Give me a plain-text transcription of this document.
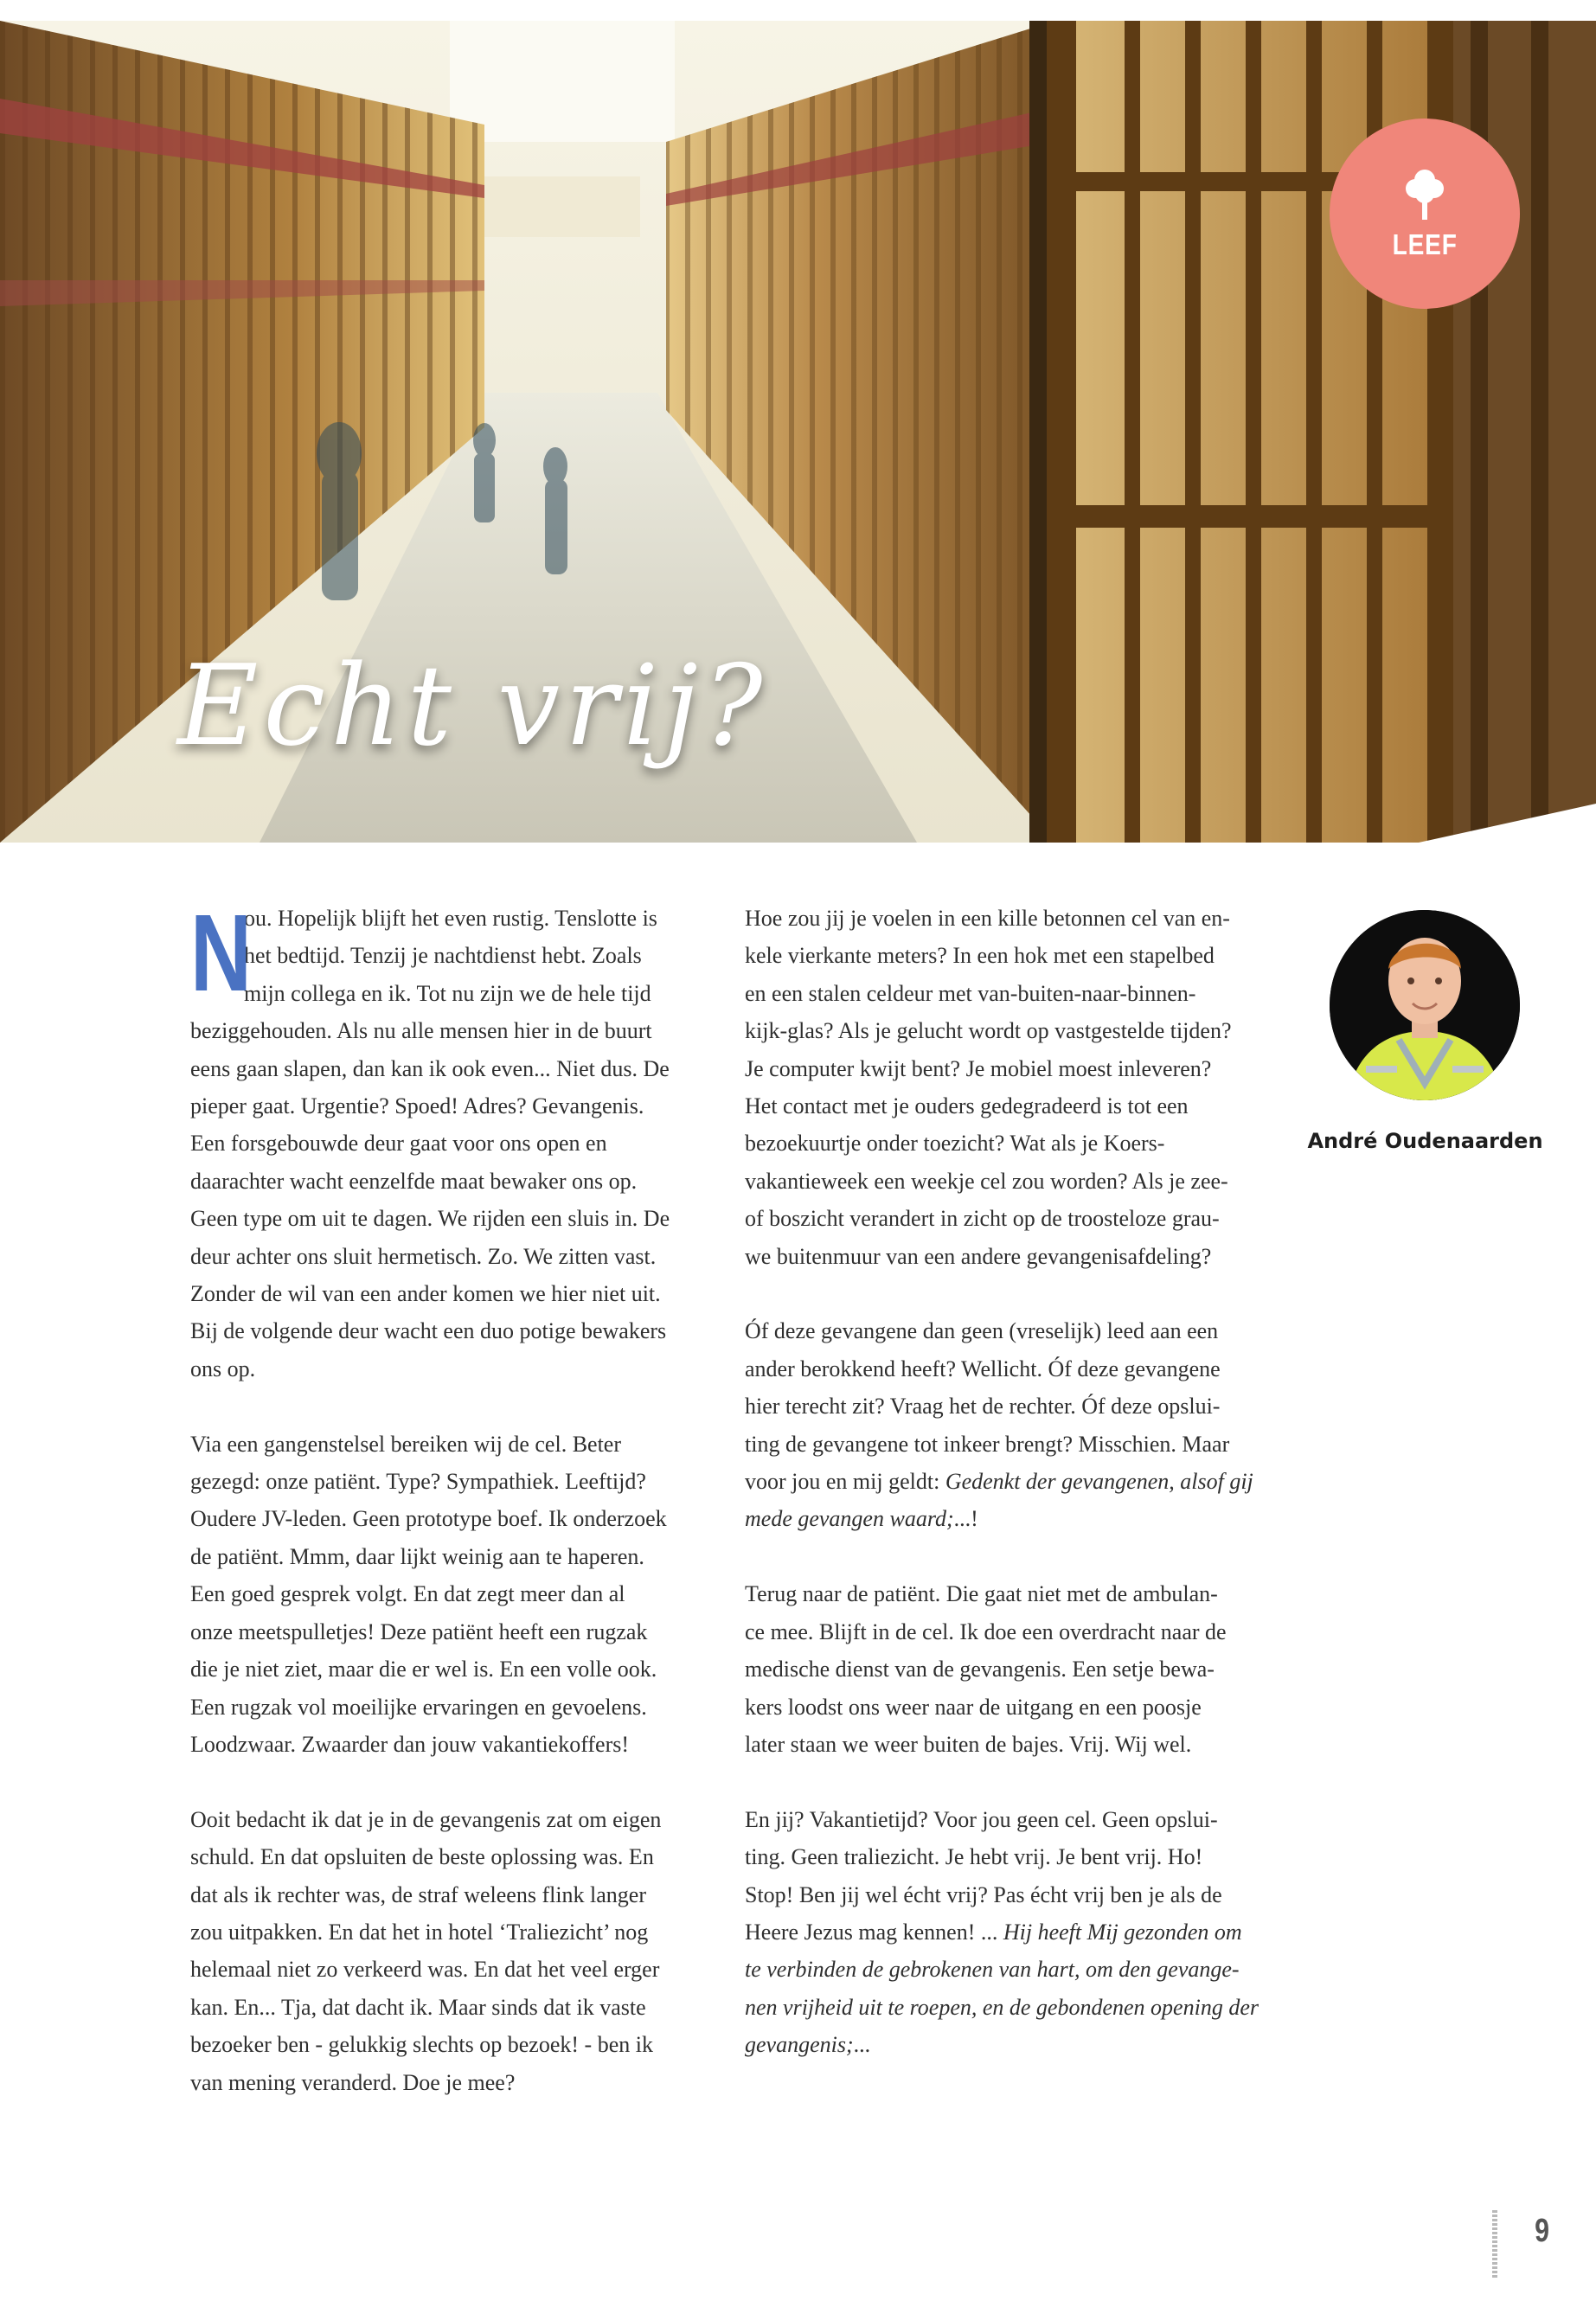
LEEF
Echt vrij?

N
ou. Hopelijk blijft het even rustig. Tenslotte is
het bedtijd. Tenzij je nachtdienst hebt. Zoals
mijn collega en ik. Tot nu zijn we de hele tijd
beziggehouden. Als nu alle mensen hier in de buurt
eens gaan slapen, dan kan ik ook even... Niet dus. De
pieper gaat. Urgentie? Spoed! Adres? Gevangenis.
Een forsgebouwde deur gaat voor ons open en
daarachter wacht eenzelfde maat bewaker ons op.
Geen type om uit te dagen. We rijden een sluis in. De
deur achter ons sluit hermetisch. Zo. We zitten vast.
Zonder de wil van een ander komen we hier niet uit.
Bij de volgende deur wacht een duo potige bewakers
ons op.

Via een gangenstelsel bereiken wij de cel. Beter
gezegd: onze patiënt. Type? Sympathiek. Leeftijd?
Oudere JV-leden. Geen prototype boef. Ik onderzoek
de patiënt. Mmm, daar lijkt weinig aan te haperen.
Een goed gesprek volgt. En dat zegt meer dan al
onze meetspulletjes! Deze patiënt heeft een rugzak
die je niet ziet, maar die er wel is. En een volle ook.
Een rugzak vol moeilijke ervaringen en gevoelens.
Loodzwaar. Zwaarder dan jouw vakantiekoffers!

Ooit bedacht ik dat je in de gevangenis zat om eigen
schuld. En dat opsluiten de beste oplossing was. En
dat als ik rechter was, de straf weleens flink langer
zou uitpakken. En dat het in hotel ‘Traliezicht’ nog
helemaal niet zo verkeerd was. En dat het veel erger
kan. En... Tja, dat dacht ik. Maar sinds dat ik vaste
bezoeker ben - gelukkig slechts op bezoek! - ben ik
van mening veranderd. Doe je mee?

Hoe zou jij je voelen in een kille betonnen cel van en-
kele vierkante meters? In een hok met een stapelbed
en een stalen celdeur met van-buiten-naar-binnen-
kijk-glas? Als je gelucht wordt op vastgestelde tijden?
Je computer kwijt bent? Je mobiel moest inleveren?
Het contact met je ouders gedegradeerd is tot een
bezoekuurtje onder toezicht? Wat als je Koers-
vakantieweek een weekje cel zou worden? Als je zee-
of boszicht verandert in zicht op de troosteloze grau-
we buitenmuur van een andere gevangenisafdeling?

Óf deze gevangene dan geen (vreselijk) leed aan een
ander berokkend heeft? Wellicht. Óf deze gevangene
hier terecht zit? Vraag het de rechter. Óf deze opslui-
ting de gevangene tot inkeer brengt? Misschien. Maar
voor jou en mij geldt: Gedenkt der gevangenen, alsof gij
mede gevangen waard;...!

Terug naar de patiënt. Die gaat niet met de ambulan-
ce mee. Blijft in de cel. Ik doe een overdracht naar de
medische dienst van de gevangenis. Een setje bewa-
kers loodst ons weer naar de uitgang en een poosje
later staan we weer buiten de bajes. Vrij. Wij wel.

En jij? Vakantietijd? Voor jou geen cel. Geen opslui-
ting. Geen traliezicht. Je hebt vrij. Je bent vrij. Ho!
Stop! Ben jij wel écht vrij? Pas écht vrij ben je als de
Heere Jezus mag kennen! ... Hij heeft Mij gezonden om
te verbinden de gebrokenen van hart, om den gevange-
nen vrijheid uit te roepen, en de gebondenen opening der
gevangenis;...

André Oudenaarden
9
